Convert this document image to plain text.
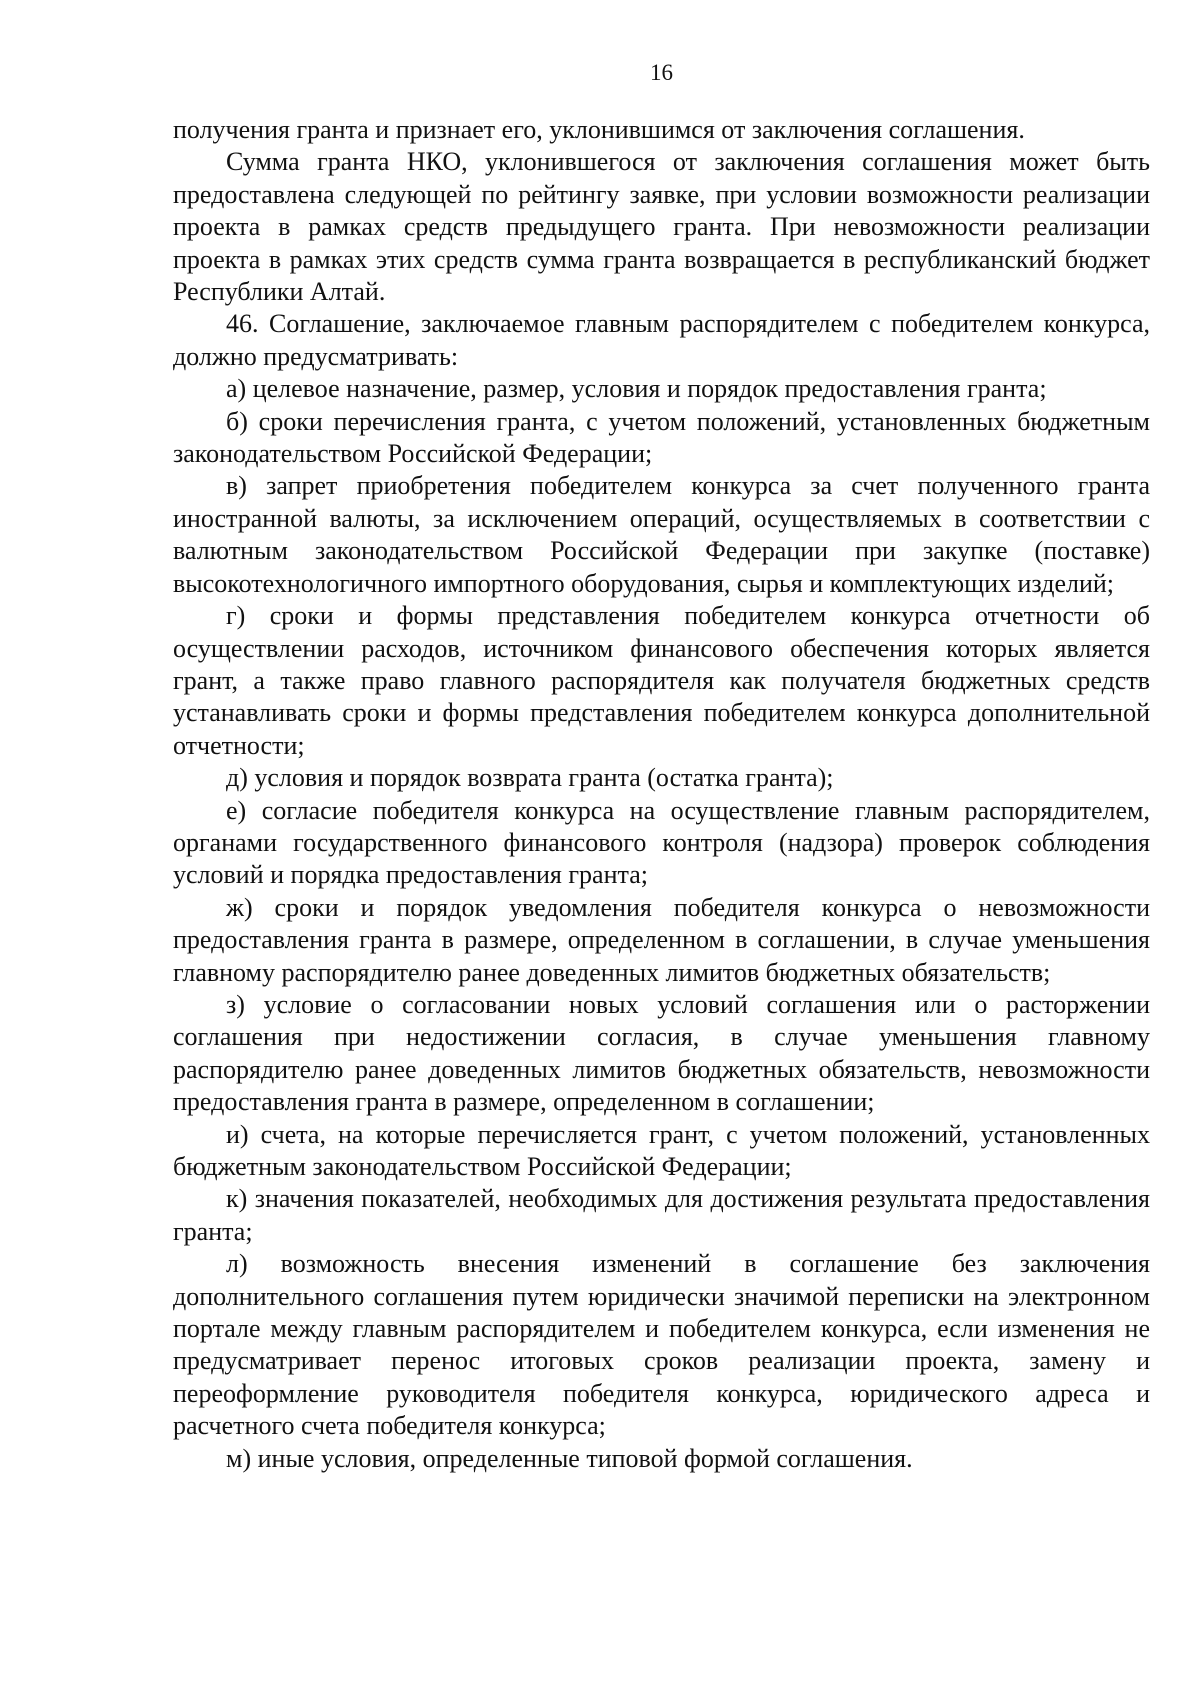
16

получения гранта и признает его, уклонившимся от заключения соглашения.

Сумма гранта НКО, уклонившегося от заключения соглашения может быть предоставлена следующей по рейтингу заявке, при условии возможности реализации проекта в рамках средств предыдущего гранта. При невозможности реализации проекта в рамках этих средств сумма гранта возвращается в республиканский бюджет Республики Алтай.

46. Соглашение, заключаемое главным распорядителем с победителем конкурса, должно предусматривать:

а) целевое назначение, размер, условия и порядок предоставления гранта;

б) сроки перечисления гранта, с учетом положений, установленных бюджетным законодательством Российской Федерации;

в) запрет приобретения победителем конкурса за счет полученного гранта иностранной валюты, за исключением операций, осуществляемых в соответствии с валютным законодательством Российской Федерации при закупке (поставке) высокотехнологичного импортного оборудования, сырья и комплектующих изделий;

г) сроки и формы представления победителем конкурса отчетности об осуществлении расходов, источником финансового обеспечения которых является грант, а также право главного распорядителя как получателя бюджетных средств устанавливать сроки и формы представления победителем конкурса дополнительной отчетности;

д) условия и порядок возврата гранта (остатка гранта);

е) согласие победителя конкурса на осуществление главным распорядителем, органами государственного финансового контроля (надзора) проверок соблюдения условий и порядка предоставления гранта;

ж) сроки и порядок уведомления победителя конкурса о невозможности предоставления гранта в размере, определенном в соглашении, в случае уменьшения главному распорядителю ранее доведенных лимитов бюджетных обязательств;

з) условие о согласовании новых условий соглашения или о расторжении соглашения при недостижении согласия, в случае уменьшения главному распорядителю ранее доведенных лимитов бюджетных обязательств, невозможности предоставления гранта в размере, определенном в соглашении;

и) счета, на которые перечисляется грант, с учетом положений, установленных бюджетным законодательством Российской Федерации;

к) значения показателей, необходимых для достижения результата предоставления гранта;

л) возможность внесения изменений в соглашение без заключения дополнительного соглашения путем юридически значимой переписки на электронном портале между главным распорядителем и победителем конкурса, если изменения не предусматривает перенос итоговых сроков реализации проекта, замену и переоформление руководителя победителя конкурса, юридического адреса и расчетного счета победителя конкурса;

м) иные условия, определенные типовой формой соглашения.
